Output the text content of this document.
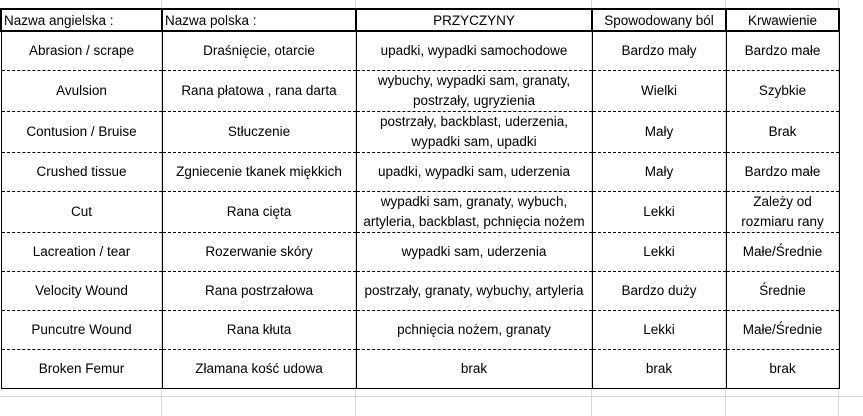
Nazwa angielska :	Nazwa polska :	PRZYCZYNY	Spowodowany ból	Krwawienie
Abrasion / scrape	Draśnięcie, otarcie	upadki, wypadki samochodowe	Bardzo mały	Bardzo małe
Avulsion	Rana płatowa , rana darta	wybuchy, wypadki sam, granaty, postrzały, ugryzienia	Wielki	Szybkie
Contusion / Bruise	Stłuczenie	postrzały, backblast, uderzenia, wypadki sam, upadki	Mały	Brak
Crushed tissue	Zgniecenie tkanek miękkich	upadki, wypadki sam, uderzenia	Mały	Bardzo małe
Cut	Rana cięta	wypadki sam, granaty, wybuch, artyleria, backblast, pchnięcia nożem	Lekki	Zależy od rozmiaru rany
Lacreation / tear	Rozerwanie skóry	wypadki sam, uderzenia	Lekki	Małe/Średnie
Velocity Wound	Rana postrzałowa	postrzały, granaty, wybuchy, artyleria	Bardzo duży	Średnie
Puncutre Wound	Rana kłuta	pchnięcia nożem, granaty	Lekki	Małe/Średnie
Broken Femur	Złamana kość udowa	brak	brak	brak
